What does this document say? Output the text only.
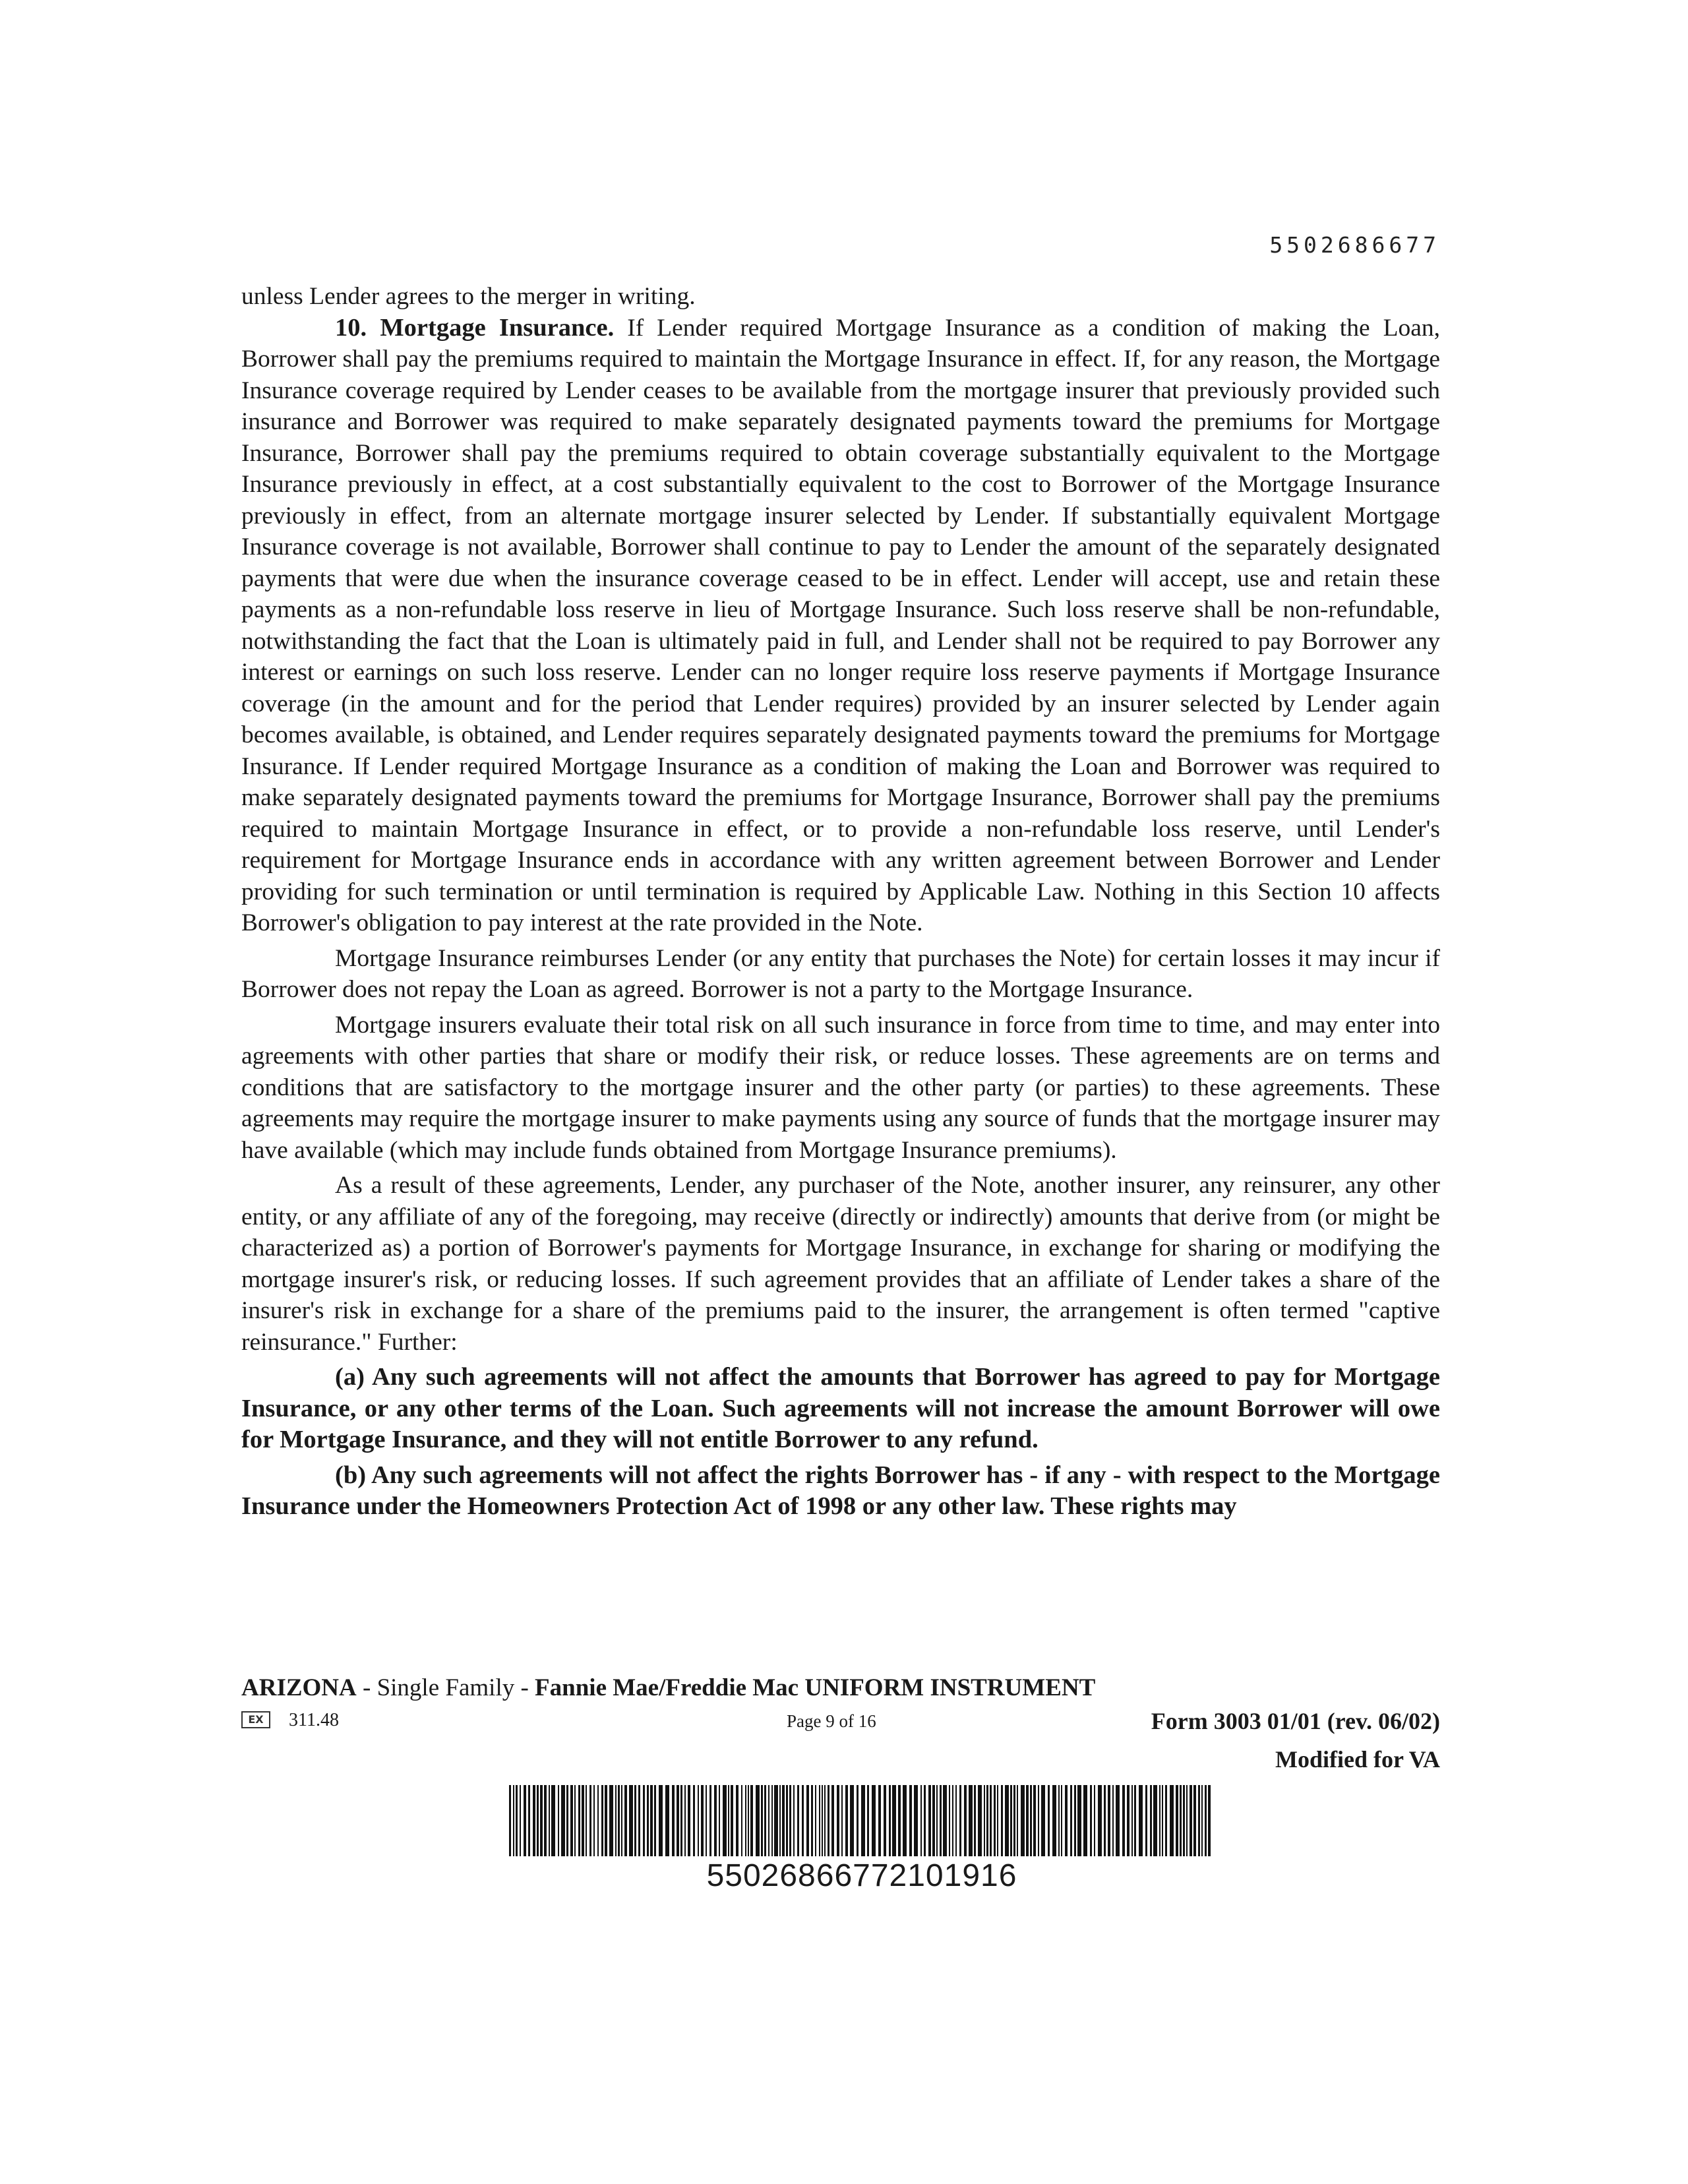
5502686677

unless Lender agrees to the merger in writing.

10. Mortgage Insurance. If Lender required Mortgage Insurance as a condition of making the Loan, Borrower shall pay the premiums required to maintain the Mortgage Insurance in effect. If, for any reason, the Mortgage Insurance coverage required by Lender ceases to be available from the mortgage insurer that previously provided such insurance and Borrower was required to make separately designated payments toward the premiums for Mortgage Insurance, Borrower shall pay the premiums required to obtain coverage substantially equivalent to the Mortgage Insurance previously in effect, at a cost substantially equivalent to the cost to Borrower of the Mortgage Insurance previously in effect, from an alternate mortgage insurer selected by Lender. If substantially equivalent Mortgage Insurance coverage is not available, Borrower shall continue to pay to Lender the amount of the separately designated payments that were due when the insurance coverage ceased to be in effect. Lender will accept, use and retain these payments as a non-refundable loss reserve in lieu of Mortgage Insurance. Such loss reserve shall be non-refundable, notwithstanding the fact that the Loan is ultimately paid in full, and Lender shall not be required to pay Borrower any interest or earnings on such loss reserve. Lender can no longer require loss reserve payments if Mortgage Insurance coverage (in the amount and for the period that Lender requires) provided by an insurer selected by Lender again becomes available, is obtained, and Lender requires separately designated payments toward the premiums for Mortgage Insurance. If Lender required Mortgage Insurance as a condition of making the Loan and Borrower was required to make separately designated payments toward the premiums for Mortgage Insurance, Borrower shall pay the premiums required to maintain Mortgage Insurance in effect, or to provide a non-refundable loss reserve, until Lender's requirement for Mortgage Insurance ends in accordance with any written agreement between Borrower and Lender providing for such termination or until termination is required by Applicable Law. Nothing in this Section 10 affects Borrower's obligation to pay interest at the rate provided in the Note.

Mortgage Insurance reimburses Lender (or any entity that purchases the Note) for certain losses it may incur if Borrower does not repay the Loan as agreed. Borrower is not a party to the Mortgage Insurance.

Mortgage insurers evaluate their total risk on all such insurance in force from time to time, and may enter into agreements with other parties that share or modify their risk, or reduce losses. These agreements are on terms and conditions that are satisfactory to the mortgage insurer and the other party (or parties) to these agreements. These agreements may require the mortgage insurer to make payments using any source of funds that the mortgage insurer may have available (which may include funds obtained from Mortgage Insurance premiums).

As a result of these agreements, Lender, any purchaser of the Note, another insurer, any reinsurer, any other entity, or any affiliate of any of the foregoing, may receive (directly or indirectly) amounts that derive from (or might be characterized as) a portion of Borrower's payments for Mortgage Insurance, in exchange for sharing or modifying the mortgage insurer's risk, or reducing losses. If such agreement provides that an affiliate of Lender takes a share of the insurer's risk in exchange for a share of the premiums paid to the insurer, the arrangement is often termed "captive reinsurance." Further:

(a) Any such agreements will not affect the amounts that Borrower has agreed to pay for Mortgage Insurance, or any other terms of the Loan. Such agreements will not increase the amount Borrower will owe for Mortgage Insurance, and they will not entitle Borrower to any refund.

(b) Any such agreements will not affect the rights Borrower has - if any - with respect to the Mortgage Insurance under the Homeowners Protection Act of 1998 or any other law. These rights may

ARIZONA - Single Family - Fannie Mae/Freddie Mac UNIFORM INSTRUMENT
EX	311.48	Page 9 of 16	Form 3003 01/01 (rev. 06/02)
Modified for VA
55026866772101916
